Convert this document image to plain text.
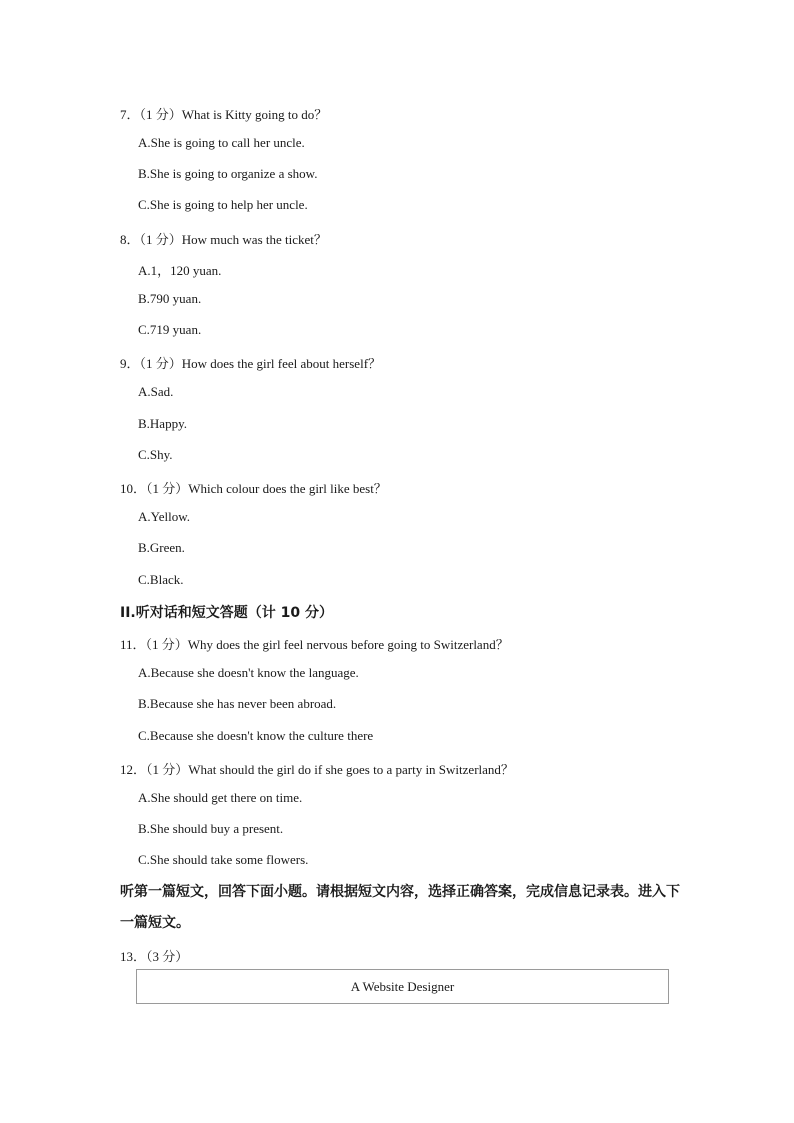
7．（1 分）What is Kitty going to do？
A.She is going to call her uncle.
B.She is going to organize a show.
C.She is going to help her uncle.
8．（1 分）How much was the ticket？
A.1，120 yuan.
B.790 yuan.
C.719 yuan.
9．（1 分）How does the girl feel about herself？
A.Sad.
B.Happy.
C.Shy.
10．（1 分）Which colour does the girl like best？
A.Yellow.
B.Green.
C.Black.
II.听对话和短文答题（计 10 分）
11．（1 分）Why does the girl feel nervous before going to Switzerland？
A.Because she doesn't know the language.
B.Because she has never been abroad.
C.Because she doesn't know the culture there
12．（1 分）What should the girl do if she goes to a party in Switzerland？
A.She should get there on time.
B.She should buy a present.
C.She should take some flowers.
听第一篇短文，回答下面小题。请根据短文内容，选择正确答案，完成信息记录表。进入下一篇短文。
13．（3 分）
A Website Designer
